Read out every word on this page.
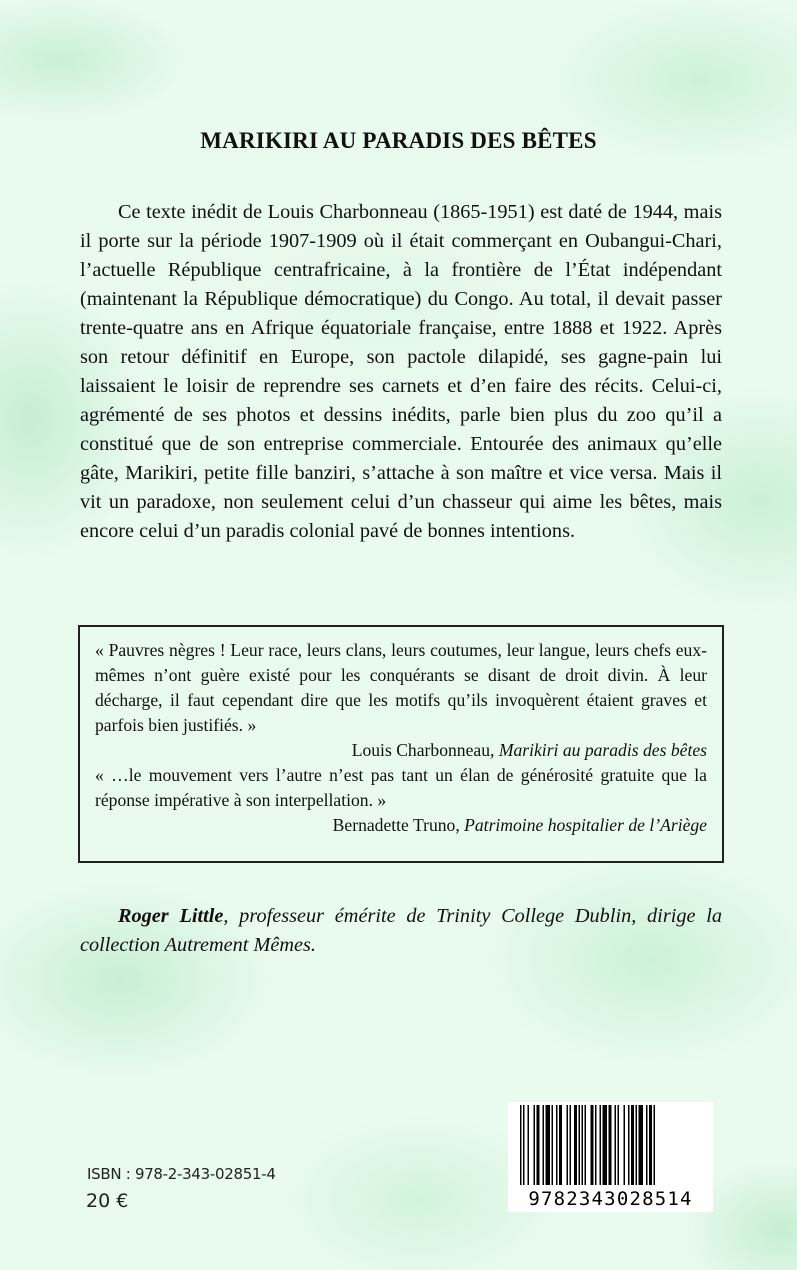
MARIKIRI AU PARADIS DES BÊTES
Ce texte inédit de Louis Charbonneau (1865-1951) est daté de 1944, mais il porte sur la période 1907-1909 où il était commerçant en Oubangui-Chari, l’actuelle République centrafricaine, à la frontière de l’État indépendant (maintenant la République démocratique) du Congo. Au total, il devait passer trente-quatre ans en Afrique équatoriale française, entre 1888 et 1922. Après son retour définitif en Europe, son pactole dilapidé, ses gagne-pain lui laissaient le loisir de reprendre ses carnets et d’en faire des récits. Celui-ci, agrémenté de ses photos et dessins inédits, parle bien plus du zoo qu’il a constitué que de son entreprise commerciale. Entourée des animaux qu’elle gâte, Marikiri, petite fille banziri, s’attache à son maître et vice versa. Mais il vit un paradoxe, non seulement celui d’un chasseur qui aime les bêtes, mais encore celui d’un paradis colonial pavé de bonnes intentions.
« Pauvres nègres ! Leur race, leurs clans, leurs coutumes, leur langue, leurs chefs eux-mêmes n’ont guère existé pour les conquérants se disant de droit divin. À leur décharge, il faut cependant dire que les motifs qu’ils invoquèrent étaient graves et parfois bien justifiés. »
Louis Charbonneau, Marikiri au paradis des bêtes
« …le mouvement vers l’autre n’est pas tant un élan de générosité gratuite que la réponse impérative à son interpellation. »
Bernadette Truno, Patrimoine hospitalier de l’Ariège
Roger Little, professeur émérite de Trinity College Dublin, dirige la collection Autrement Mêmes.
ISBN : 978-2-343-02851-4
20 €	9782343028514
